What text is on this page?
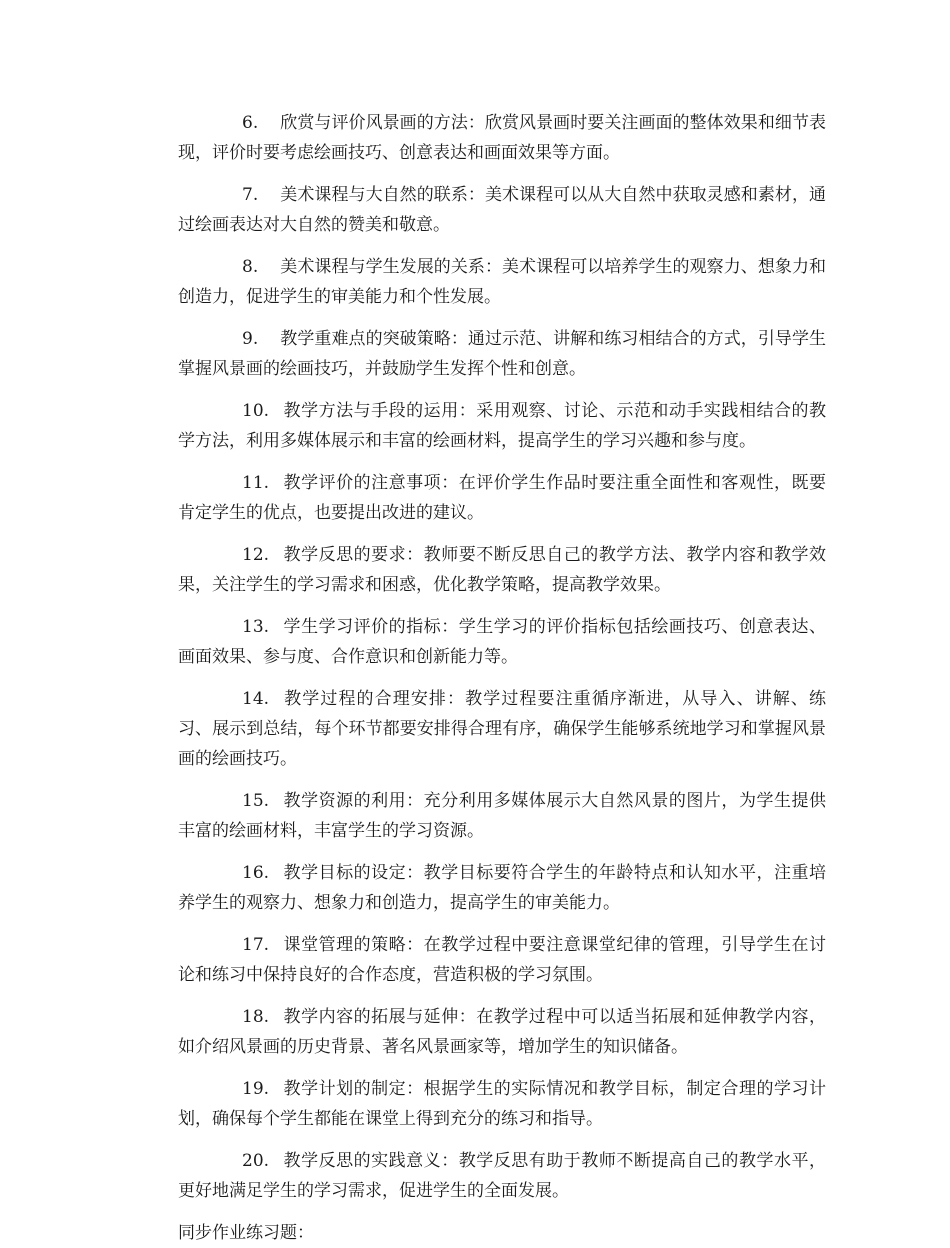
6. 欣赏与评价风景画的方法：欣赏风景画时要关注画面的整体效果和细节表现，评价时要考虑绘画技巧、创意表达和画面效果等方面。

7. 美术课程与大自然的联系：美术课程可以从大自然中获取灵感和素材，通过绘画表达对大自然的赞美和敬意。

8. 美术课程与学生发展的关系：美术课程可以培养学生的观察力、想象力和创造力，促进学生的审美能力和个性发展。

9. 教学重难点的突破策略：通过示范、讲解和练习相结合的方式，引导学生掌握风景画的绘画技巧，并鼓励学生发挥个性和创意。

10. 教学方法与手段的运用：采用观察、讨论、示范和动手实践相结合的教学方法，利用多媒体展示和丰富的绘画材料，提高学生的学习兴趣和参与度。

11. 教学评价的注意事项：在评价学生作品时要注重全面性和客观性，既要肯定学生的优点，也要提出改进的建议。

12. 教学反思的要求：教师要不断反思自己的教学方法、教学内容和教学效果，关注学生的学习需求和困惑，优化教学策略，提高教学效果。

13. 学生学习评价的指标：学生学习的评价指标包括绘画技巧、创意表达、画面效果、参与度、合作意识和创新能力等。

14. 教学过程的合理安排：教学过程要注重循序渐进，从导入、讲解、练习、展示到总结，每个环节都要安排得合理有序，确保学生能够系统地学习和掌握风景画的绘画技巧。

15. 教学资源的利用：充分利用多媒体展示大自然风景的图片，为学生提供丰富的绘画材料，丰富学生的学习资源。

16. 教学目标的设定：教学目标要符合学生的年龄特点和认知水平，注重培养学生的观察力、想象力和创造力，提高学生的审美能力。

17. 课堂管理的策略：在教学过程中要注意课堂纪律的管理，引导学生在讨论和练习中保持良好的合作态度，营造积极的学习氛围。

18. 教学内容的拓展与延伸：在教学过程中可以适当拓展和延伸教学内容，如介绍风景画的历史背景、著名风景画家等，增加学生的知识储备。

19. 教学计划的制定：根据学生的实际情况和教学目标，制定合理的学习计划，确保每个学生都能在课堂上得到充分的练习和指导。

20. 教学反思的实践意义：教学反思有助于教师不断提高自己的教学水平，更好地满足学生的学习需求，促进学生的全面发展。

同步作业练习题：
